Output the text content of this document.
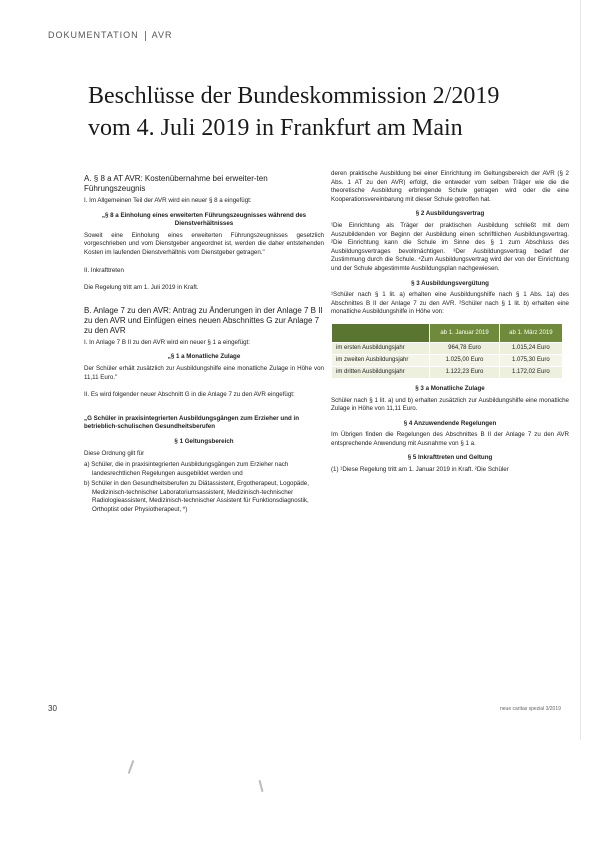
DOKUMENTATION AVR
Beschlüsse der Bundeskommission 2/2019
vom 4. Juli 2019 in Frankfurt am Main
A. § 8 a AT AVR: Kostenübernahme bei erweiter-ten Führungszeugnis
I. Im Allgemeinen Teil der AVR wird ein neuer § 8 a eingefügt:
„§ 8 a Einholung eines erweiterten Führungszeugnisses während des Dienstverhältnisses
Soweit eine Einholung eines erweiterten Führungszeugnisses gesetzlich vorgeschrieben und vom Dienstgeber angeordnet ist, werden die daher entstehenden Kosten im laufenden Dienstverhältnis vom Dienstgeber getragen."
II. Inkrafttreten
Die Regelung tritt am 1. Juli 2019 in Kraft.
B. Anlage 7 zu den AVR: Antrag zu Änderungen in der Anlage 7 B II zu den AVR und Einfügen eines neuen Abschnittes G zur Anlage 7 zu den AVR
I. In Anlage 7 B II zu den AVR wird ein neuer § 1 a eingefügt:
„§ 1 a Monatliche Zulage
Der Schüler erhält zusätzlich zur Ausbildungshilfe eine monatliche Zulage in Höhe von 11,11 Euro."
II. Es wird folgender neuer Abschnitt G in die Anlage 7 zu den AVR eingefügt:
„G Schüler in praxisintegrierten Ausbildungsgängen zum Erzieher und in betrieblich-schulischen Gesundheitsberufen
§ 1 Geltungsbereich
Diese Ordnung gilt für
a) Schüler, die in praxisintegrierten Ausbildungsgängen zum Erzieher nach landesrechtlichen Regelungen ausgebildet werden und
b) Schüler in den Gesundheitsberufen zu Diätassistent, Ergotherapeut, Logopäde, Medizinisch-technischer Laboratoriumsassistent, Medizinisch-technischer Radiologieassistent, Medizinisch-technischer Assistent für Funktionsdiagnostik, Orthoptist oder Physiotherapeut, *)
deren praktische Ausbildung bei einer Einrichtung im Geltungsbereich der AVR (§ 2 Abs. 1 AT zu den AVR) erfolgt, die entweder vom selben Träger wie die die theoretische Ausbildung erbringende Schule getragen wird oder die eine Kooperationsvereinbarung mit dieser Schule getroffen hat.
§ 2 Ausbildungsvertrag
¹Die Einrichtung als Träger der praktischen Ausbildung schließt mit dem Auszubildenden vor Beginn der Ausbildung einen schriftlichen Ausbildungsvertrag. ²Die Einrichtung kann die Schule im Sinne des § 1 zum Abschluss des Ausbildungsvertrages bevollmächtigen. ³Der Ausbildungsvertrag bedarf der Zustimmung durch die Schule. ⁴Zum Ausbildungsvertrag wird der von der Einrichtung und der Schule abgestimmte Ausbildungsplan nachgewiesen.
§ 3 Ausbildungsvergütung
¹Schüler nach § 1 lit. a) erhalten eine Ausbildungshilfe nach § 1 Abs. 1a) des Abschnittes B II der Anlage 7 zu den AVR. ²Schüler nach § 1 lit. b) erhalten eine monatliche Ausbildungshilfe in Höhe von:
	ab 1. Januar 2019	ab 1. März 2019
im ersten Ausbildungsjahr	964,78 Euro	1.015,24 Euro
im zweiten Ausbildungsjahr	1.025,00 Euro	1.075,30 Euro
im dritten Ausbildungsjahr	1.122,23 Euro	1.172,02 Euro
§ 3 a Monatliche Zulage
Schüler nach § 1 lit. a) und b) erhalten zusätzlich zur Ausbildungshilfe eine monatliche Zulage in Höhe von 11,11 Euro.
§ 4 Anzuwendende Regelungen
Im Übrigen finden die Regelungen des Abschnittes B II der Anlage 7 zu den AVR entsprechende Anwendung mit Ausnahme von § 1 a.
§ 5 Inkrafttreten und Geltung
(1) ¹Diese Regelung tritt am 1. Januar 2019 in Kraft. ²Die Schüler
30	neue caritas spezial 3/2019
